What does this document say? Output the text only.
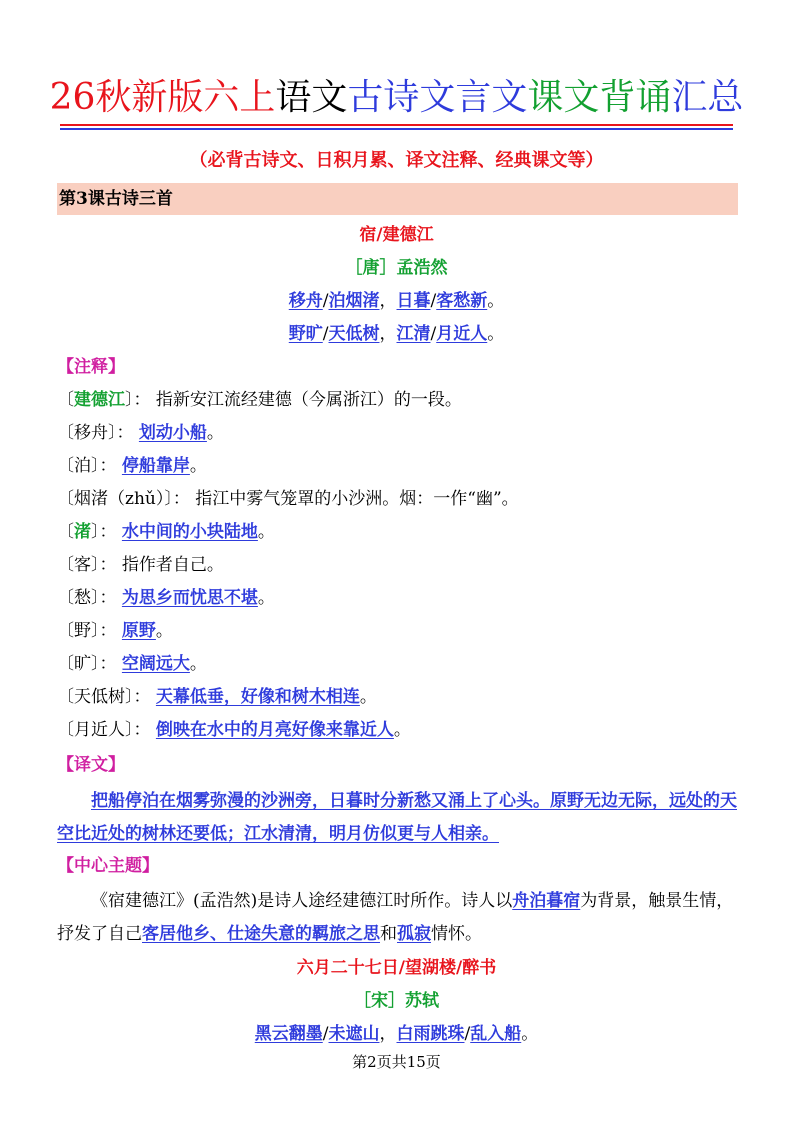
26秋新版六上语文古诗文言文课文背诵汇总
（必背古诗文、日积月累、译文注释、经典课文等）
第3课古诗三首
宿/建德江
［唐］孟浩然
移舟/泊烟渚，日暮/客愁新。
野旷/天低树，江清/月近人。
【注释】
〔建德江〕： 指新安江流经建德（今属浙江）的一段。
〔移舟〕： 划动小船。
〔泊〕： 停船靠岸。
〔烟渚（zhǔ）〕： 指江中雾气笼罩的小沙洲。烟：一作“幽”。
〔渚〕： 水中间的小块陆地。
〔客〕： 指作者自己。
〔愁〕： 为思乡而忧思不堪。
〔野〕： 原野。
〔旷〕： 空阔远大。
〔天低树〕： 天幕低垂，好像和树木相连。
〔月近人〕： 倒映在水中的月亮好像来靠近人。
【译文】
把船停泊在烟雾弥漫的沙洲旁，日暮时分新愁又涌上了心头。原野无边无际，远处的天空比近处的树林还要低；江水清清，明月仿似更与人相亲。
【中心主题】
《宿建德江》(孟浩然)是诗人途经建德江时所作。诗人以舟泊暮宿为背景，触景生情，抒发了自己客居他乡、仕途失意的羁旅之思和孤寂情怀。
六月二十七日/望湖楼/醉书
［宋］苏轼
黑云翻墨/未遮山，白雨跳珠/乱入船。
第2页共15页
